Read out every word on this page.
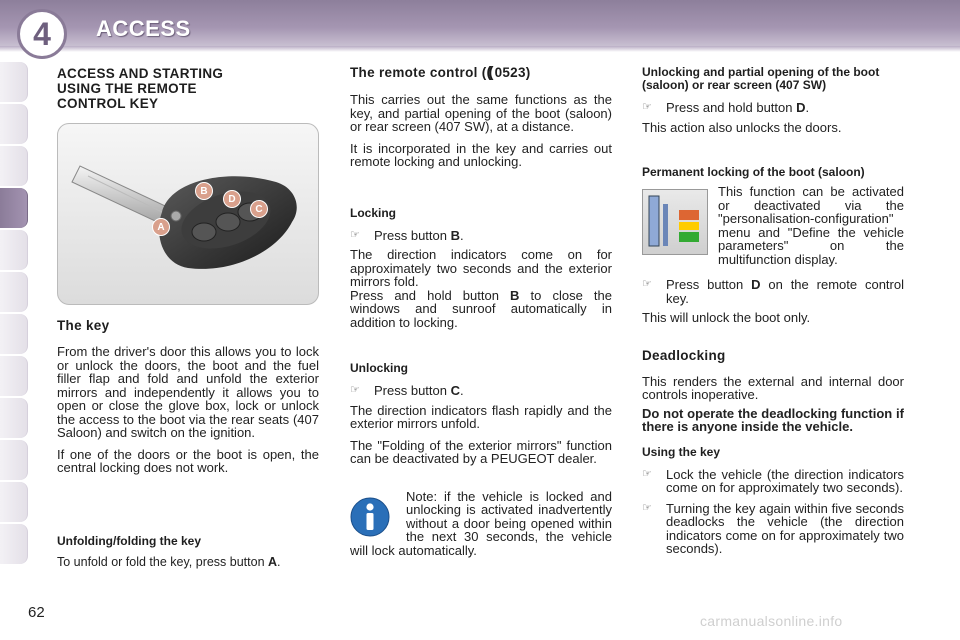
4	ACCESS
ACCESS AND STARTING
USING THE REMOTE
CONTROL KEY
A
B
D
C
The key

From the driver's door this allows you to lock or unlock the doors, the boot and the fuel filler flap and fold and unfold the exterior mirrors and independently it allows you to open or close the glove box, lock or unlock the access to the boot via the rear seats (407 Saloon) and switch on the ignition.

If one of the doors or the boot is open, the central locking does not work.

Unfolding/folding the key

To unfold or fold the key, press button A.

The remote control ((( 0523)

This carries out the same functions as the key, and partial opening of the boot (saloon) or rear screen (407 SW), at a distance.

It is incorporated in the key and carries out remote locking and unlocking.

Locking
☞	Press button B.

The direction indicators come on for approximately two seconds and the exterior mirrors fold.

Press and hold button B to close the windows and sunroof automatically in addition to locking.

Unlocking
☞	Press button C.

The direction indicators flash rapidly and the exterior mirrors unfold.

The "Folding of the exterior mirrors" function can be deactivated by a PEUGEOT dealer.

Note: if the vehicle is locked and unlocking is activated inadvertently without a door being opened within the next 30 seconds, the vehicle will lock automatically.

Unlocking and partial opening of the boot (saloon) or rear screen (407 SW)
☞	Press and hold button D.

This action also unlocks the doors.

Permanent locking of the boot (saloon)

This function can be activated or deactivated via the "personalisation-configuration" menu and "Define the vehicle parameters" on the multifunction display.

☞	Press button D on the remote control key.

This will unlock the boot only.

Deadlocking

This renders the external and internal door controls inoperative.

Do not operate the deadlocking function if there is anyone inside the vehicle.

Using the key
☞	Lock the vehicle (the direction indicators come on for approximately two seconds).
☞	Turning the key again within five seconds deadlocks the vehicle (the direction indicators come on for approximately two seconds).
62	carmanualsonline.info
